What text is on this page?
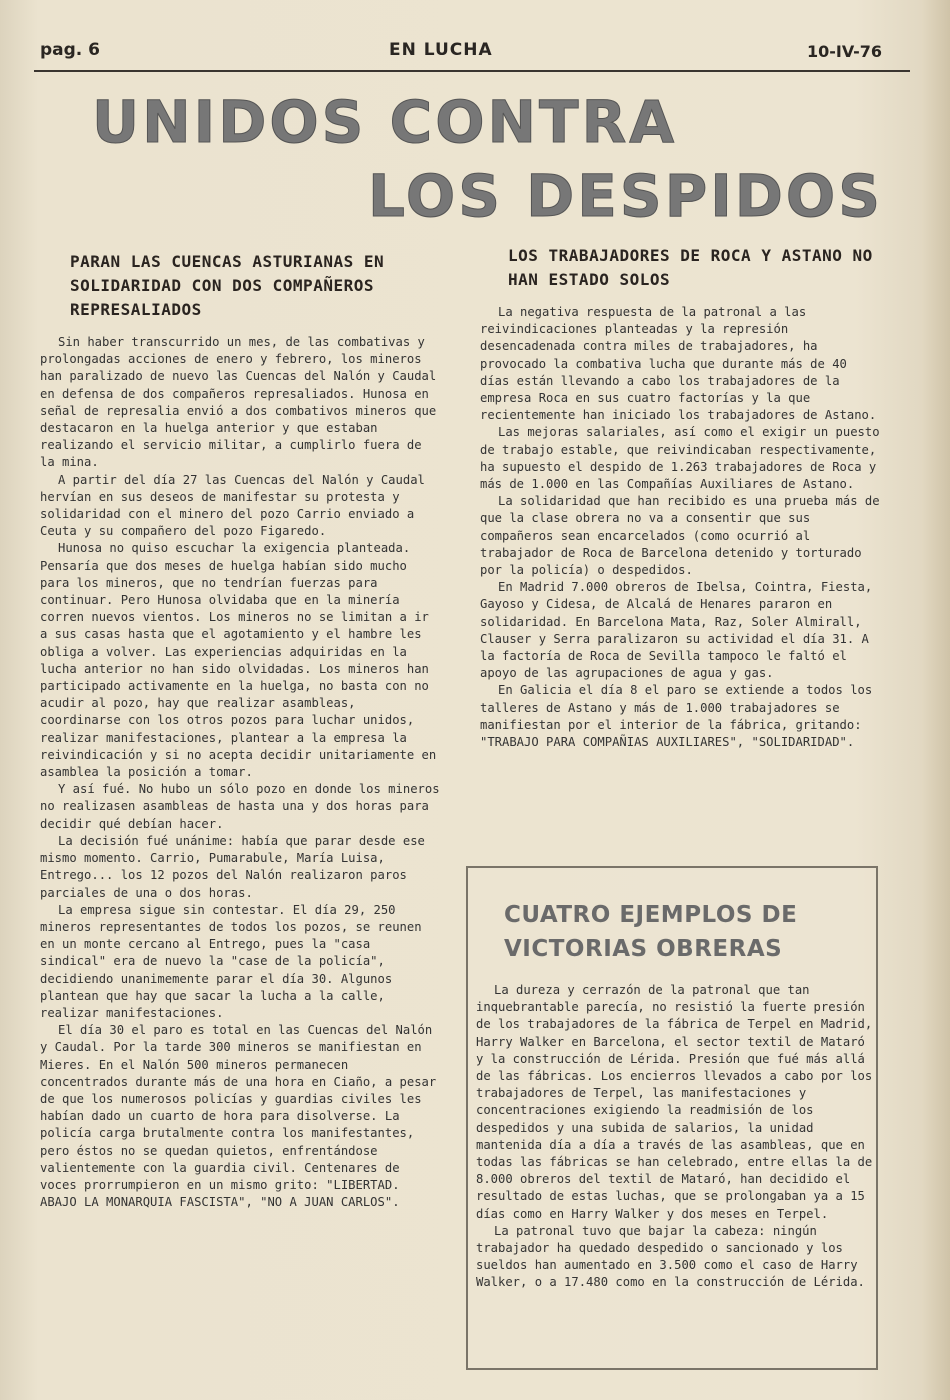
pag. 6	EN LUCHA	10-IV-76
UNIDOS CONTRA
LOS DESPIDOS
PARAN LAS CUENCAS ASTURIANAS EN SOLIDARIDAD CON DOS COMPAÑEROS REPRESALIADOS

Sin haber transcurrido un mes, de las combativas y prolongadas acciones de enero y febrero, los mineros han paralizado de nuevo las Cuencas del Nalón y Caudal en defensa de dos compañeros represaliados. Hunosa en señal de represalia envió a dos combativos mineros que destacaron en la huelga anterior y que estaban realizando el servicio militar, a cumplirlo fuera de la mina.

A partir del día 27 las Cuencas del Nalón y Caudal hervían en sus deseos de manifestar su protesta y solidaridad con el minero del pozo Carrio enviado a Ceuta y su compañero del pozo Figaredo.

Hunosa no quiso escuchar la exigencia planteada. Pensaría que dos meses de huelga habían sido mucho para los mineros, que no tendrían fuerzas para continuar. Pero Hunosa olvidaba que en la minería corren nuevos vientos. Los mineros no se limitan a ir a sus casas hasta que el agotamiento y el hambre les obliga a volver. Las experiencias adquiridas en la lucha anterior no han sido olvidadas. Los mineros han participado activamente en la huelga, no basta con no acudir al pozo, hay que realizar asambleas, coordinarse con los otros pozos para luchar unidos, realizar manifestaciones, plantear a la empresa la reivindicación y si no acepta decidir unitariamente en asamblea la posición a tomar.

Y así fué. No hubo un sólo pozo en donde los mineros no realizasen asambleas de hasta una y dos horas para decidir qué debían hacer.

La decisión fué unánime: había que parar desde ese mismo momento. Carrio, Pumarabule, María Luisa, Entrego... los 12 pozos del Nalón realizaron paros parciales de una o dos horas.

La empresa sigue sin contestar. El día 29, 250 mineros representantes de todos los pozos, se reunen en un monte cercano al Entrego, pues la "casa sindical" era de nuevo la "case de la policía", decidiendo unanimemente parar el día 30. Algunos plantean que hay que sacar la lucha a la calle, realizar manifestaciones.

El día 30 el paro es total en las Cuencas del Nalón y Caudal. Por la tarde 300 mineros se manifiestan en Mieres. En el Nalón 500 mineros permanecen concentrados durante más de una hora en Ciaño, a pesar de que los numerosos policías y guardias civiles les habían dado un cuarto de hora para disolverse. La policía carga brutalmente contra los manifestantes, pero éstos no se quedan quietos, enfrentándose valientemente con la guardia civil. Centenares de voces prorrumpieron en un mismo grito: "LIBERTAD. ABAJO LA MONARQUIA FASCISTA", "NO A JUAN CARLOS".

LOS TRABAJADORES DE ROCA Y ASTANO NO HAN ESTADO SOLOS

La negativa respuesta de la patronal a las reivindicaciones planteadas y la represión desencadenada contra miles de trabajadores, ha provocado la combativa lucha que durante más de 40 días están llevando a cabo los trabajadores de la empresa Roca en sus cuatro factorías y la que recientemente han iniciado los trabajadores de Astano.

Las mejoras salariales, así como el exigir un puesto de trabajo estable, que reivindicaban respectivamente, ha supuesto el despido de 1.263 trabajadores de Roca y más de 1.000 en las Compañías Auxiliares de Astano.

La solidaridad que han recibido es una prueba más de que la clase obrera no va a consentir que sus compañeros sean encarcelados (como ocurrió al trabajador de Roca de Barcelona detenido y torturado por la policía) o despedidos.

En Madrid 7.000 obreros de Ibelsa, Cointra, Fiesta, Gayoso y Cidesa, de Alcalá de Henares pararon en solidaridad. En Barcelona Mata, Raz, Soler Almirall, Clauser y Serra paralizaron su actividad el día 31. A la factoría de Roca de Sevilla tampoco le faltó el apoyo de las agrupaciones de agua y gas.

En Galicia el día 8 el paro se extiende a todos los talleres de Astano y más de 1.000 trabajadores se manifiestan por el interior de la fábrica, gritando: "TRABAJO PARA COMPAÑIAS AUXILIARES", "SOLIDARIDAD".

CUATRO EJEMPLOS DE VICTORIAS OBRERAS

La dureza y cerrazón de la patronal que tan inquebrantable parecía, no resistió la fuerte presión de los trabajadores de la fábrica de Terpel en Madrid, Harry Walker en Barcelona, el sector textil de Mataró y la construcción de Lérida. Presión que fué más allá de las fábricas. Los encierros llevados a cabo por los trabajadores de Terpel, las manifestaciones y concentraciones exigiendo la readmisión de los despedidos y una subida de salarios, la unidad mantenida día a día a través de las asambleas, que en todas las fábricas se han celebrado, entre ellas la de 8.000 obreros del textil de Mataró, han decidido el resultado de estas luchas, que se prolongaban ya a 15 días como en Harry Walker y dos meses en Terpel.

La patronal tuvo que bajar la cabeza: ningún trabajador ha quedado despedido o sancionado y los sueldos han aumentado en 3.500 como el caso de Harry Walker, o a 17.480 como en la construcción de Lérida.
